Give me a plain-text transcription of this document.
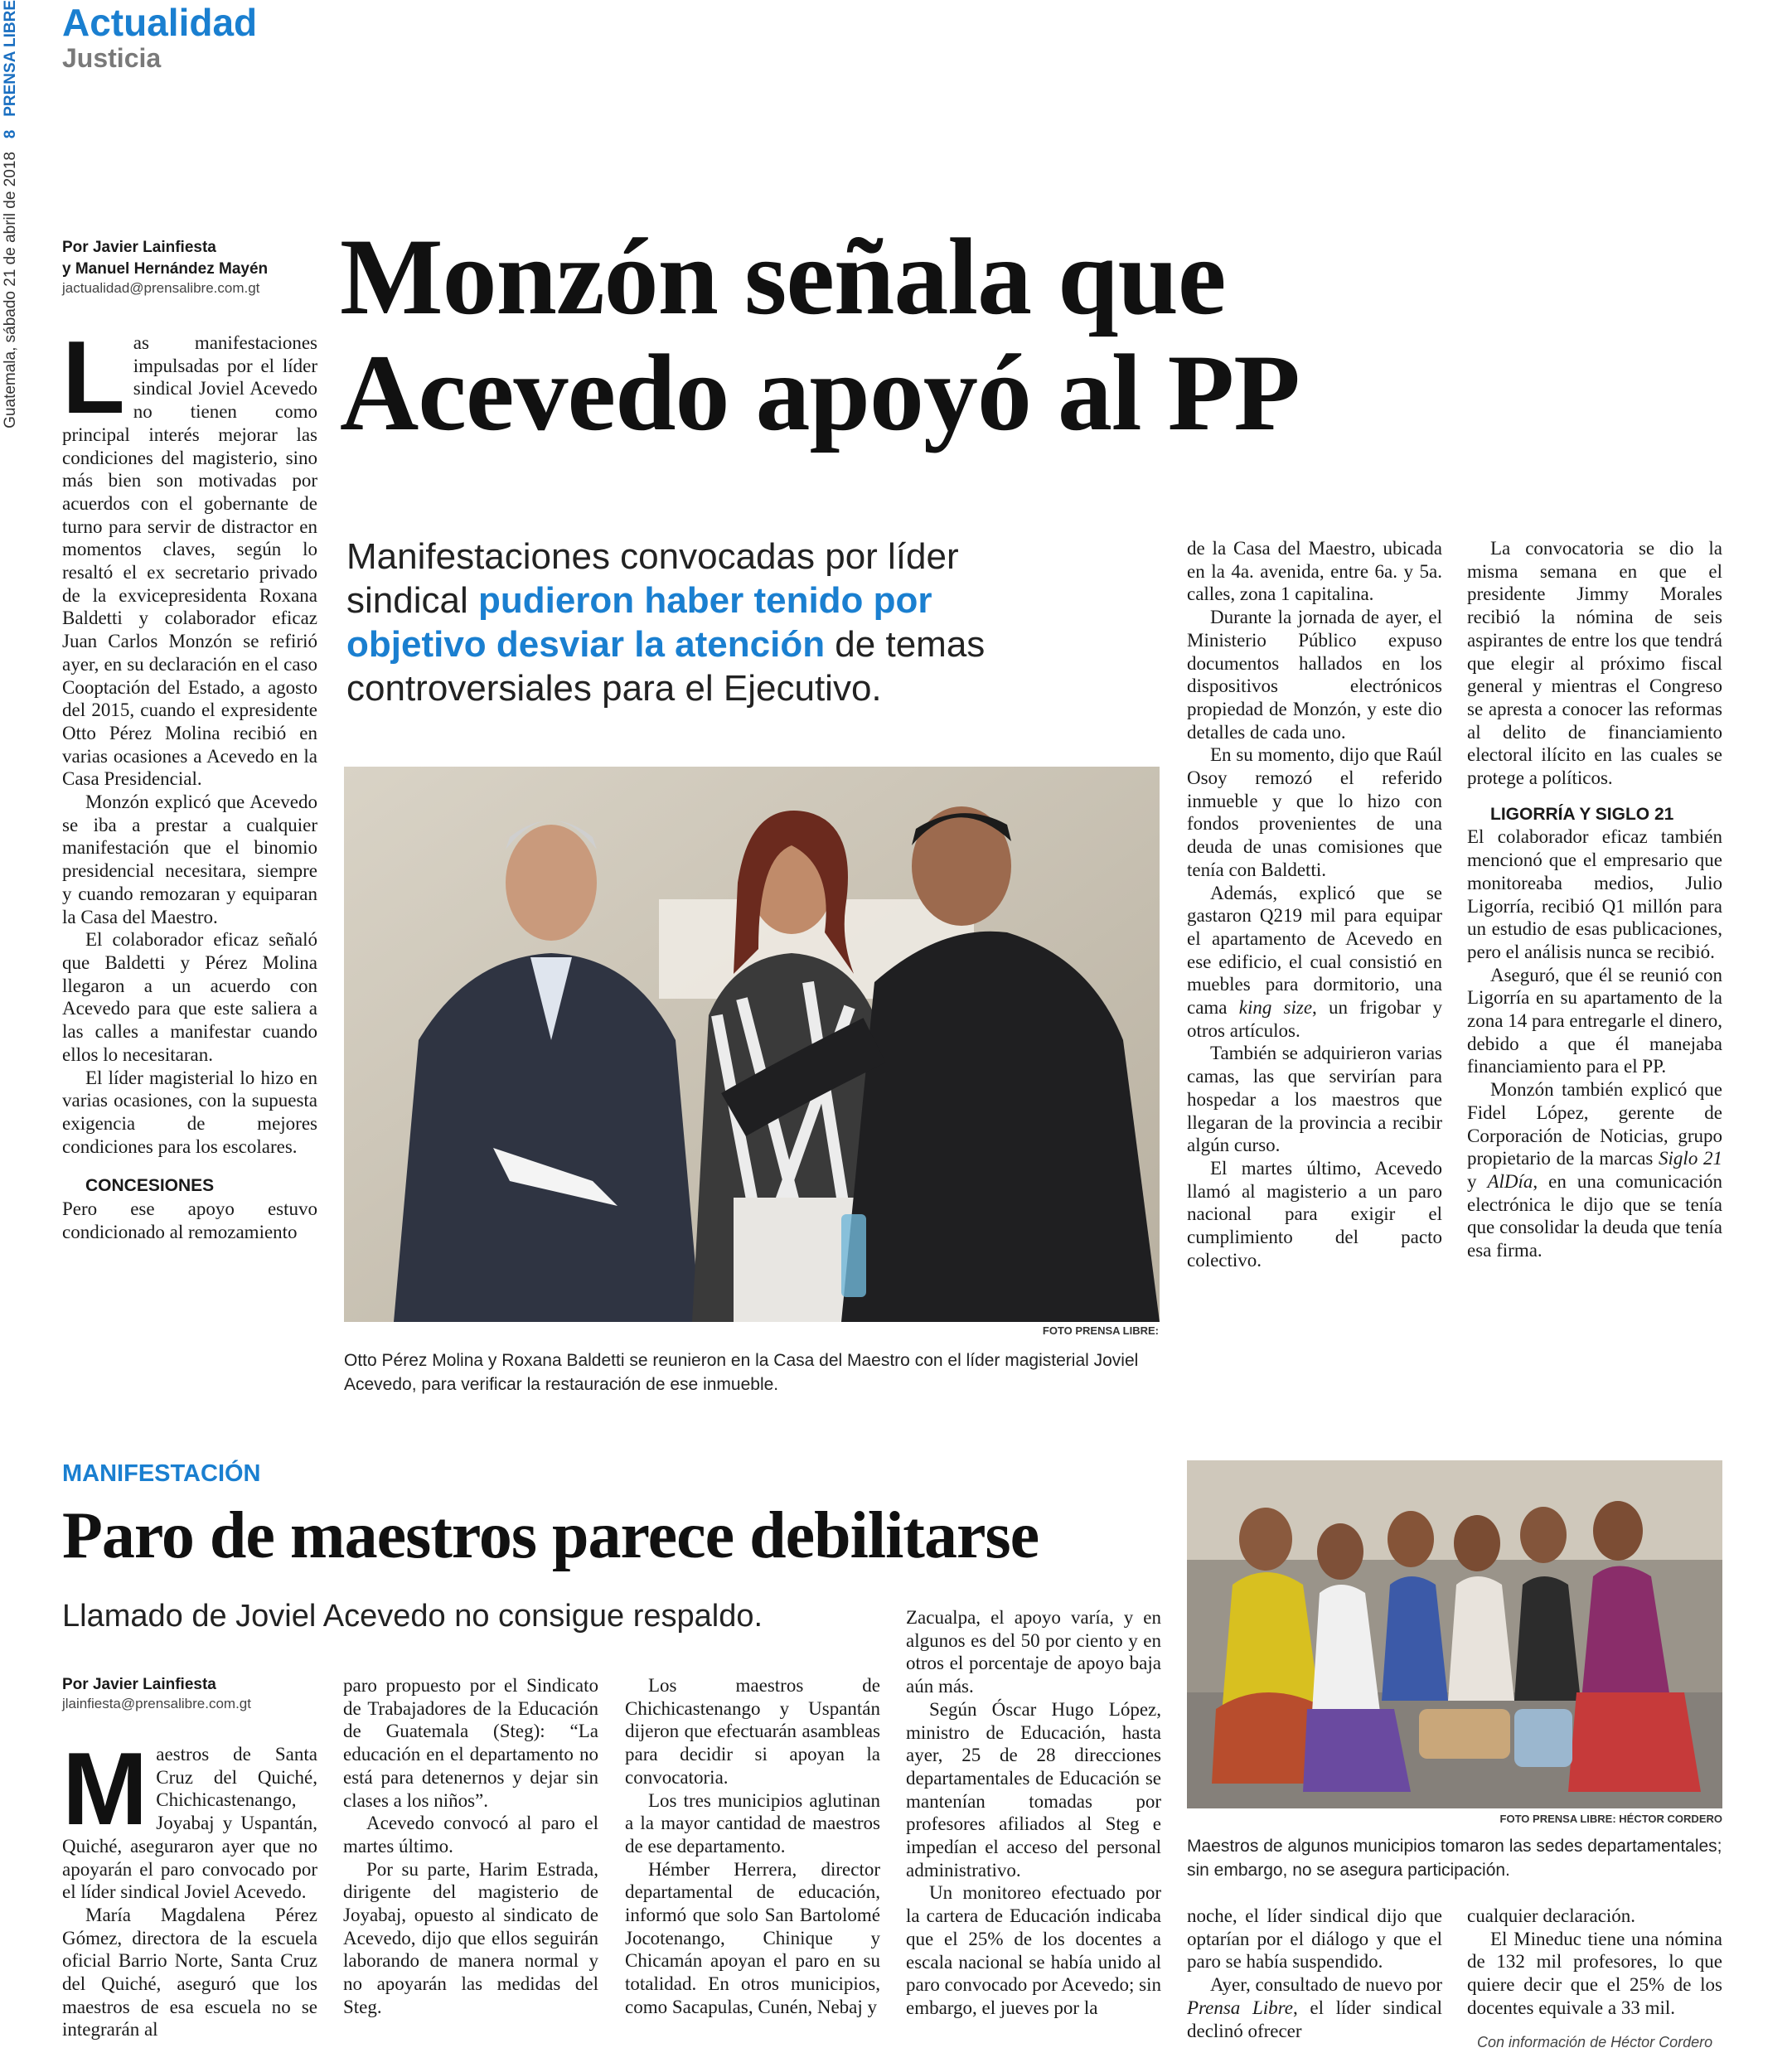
Guatemala, sábado 21 de abril de 2018   8   PRENSA LIBRE Actualidad
Justicia
Por Javier Lainfiesta
y Manuel Hernández Mayén
jactualidad@prensalibre.com.gt Monzón señala que
Acevedo apoyó al PP
Manifestaciones convocadas por líder
sindical pudieron haber tenido por
objetivo desviar la atención de temas
controversiales para el Ejecutivo.

Las manifestaciones impulsadas por el líder sindical Joviel Acevedo no tienen como principal interés mejorar las condiciones del magisterio, sino más bien son motivadas por acuerdos con el gobernante de turno para servir de distractor en momentos claves, según lo resaltó el ex secretario privado de la exvicepresidenta Roxana Baldetti y colaborador eficaz Juan Carlos Monzón se refirió ayer, en su declaración en el caso Cooptación del Estado, a agosto del 2015, cuando el expresidente Otto Pérez Molina recibió en varias ocasiones a Acevedo en la Casa Presidencial.

Monzón explicó que Acevedo se iba a prestar a cualquier manifestación que el binomio presidencial necesitara, siempre y cuando remozaran y equiparan la Casa del Maestro.

El colaborador eficaz señaló que Baldetti y Pérez Molina llegaron a un acuerdo con Acevedo para que este saliera a las calles a manifestar cuando ellos lo necesitaran.

El líder magisterial lo hizo en varias ocasiones, con la supuesta exigencia de mejores condiciones para los escolares.

CONCESIONES

Pero ese apoyo estuvo condicionado al remozamiento

FOTO PRENSA LIBRE:
Otto Pérez Molina y Roxana Baldetti se reunieron en la Casa del Maestro con el líder magisterial Joviel Acevedo, para verificar la restauración de ese inmueble.

de la Casa del Maestro, ubicada en la 4a. avenida, entre 6a. y 5a. calles, zona 1 capitalina.

Durante la jornada de ayer, el Ministerio Público expuso documentos hallados en los dispositivos electrónicos propiedad de Monzón, y este dio detalles de cada uno.

En su momento, dijo que Raúl Osoy remozó el referido inmueble y que lo hizo con fondos provenientes de una deuda de unas comisiones que tenía con Baldetti.

Además, explicó que se gastaron Q219 mil para equipar el apartamento de Acevedo en ese edificio, el cual consistió en muebles para dormitorio, una cama king size, un frigobar y otros artículos.

También se adquirieron varias camas, las que servirían para hospedar a los maestros que llegaran de la provincia a recibir algún curso.

El martes último, Acevedo llamó al magisterio a un paro nacional para exigir el cumplimiento del pacto colectivo.

La convocatoria se dio la misma semana en que el presidente Jimmy Morales recibió la nómina de seis aspirantes de entre los que tendrá que elegir al próximo fiscal general y mientras el Congreso se apresta a conocer las reformas al delito de financiamiento electoral ilícito en las cuales se protege a políticos.

LIGORRÍA Y SIGLO 21

El colaborador eficaz también mencionó que el empresario que monitoreaba medios, Julio Ligorría, recibió Q1 millón para un estudio de esas publicaciones, pero el análisis nunca se recibió.

Aseguró, que él se reunió con Ligorría en su apartamento de la zona 14 para entregarle el dinero, debido a que él manejaba financiamiento para el PP.

Monzón también explicó que Fidel López, gerente de Corporación de Noticias, grupo propietario de la marcas Siglo 21 y AlDía, en una comunicación electrónica le dijo que se tenía que consolidar la deuda que tenía esa firma.

MANIFESTACIÓN
Paro de maestros parece debilitarse
Llamado de Joviel Acevedo no consigue respaldo.
Por Javier Lainfiesta
jlainfiesta@prensalibre.com.gt

Maestros de Santa Cruz del Quiché, Chichicastenango, Joyabaj y Uspantán, Quiché, aseguraron ayer que no apoyarán el paro convocado por el líder sindical Joviel Acevedo.

María Magdalena Pérez Gómez, directora de la escuela oficial Barrio Norte, Santa Cruz del Quiché, aseguró que los maestros de esa escuela no se integrarán al

paro propuesto por el Sindicato de Trabajadores de la Educación de Guatemala (Steg): “La educación en el departamento no está para detenernos y dejar sin clases a los niños”.

Acevedo convocó al paro el martes último.

Por su parte, Harim Estrada, dirigente del magisterio de Joyabaj, opuesto al sindicato de Acevedo, dijo que ellos seguirán laborando de manera normal y no apoyarán las medidas del Steg.

Los maestros de Chichicastenango y Uspantán dijeron que efectuarán asambleas para decidir si apoyan la convocatoria.

Los tres municipios aglutinan a la mayor cantidad de maestros de ese departamento.

Hémber Herrera, director departamental de educación, informó que solo San Bartolomé Jocotenango, Chinique y Chicamán apoyan el paro en su totalidad. En otros municipios, como Sacapulas, Cunén, Nebaj y

Zacualpa, el apoyo varía, y en algunos es del 50 por ciento y en otros el porcentaje de apoyo baja aún más.

Según Óscar Hugo López, ministro de Educación, hasta ayer, 25 de 28 direcciones departamentales de Educación se mantenían tomadas por profesores afiliados al Steg e impedían el acceso del personal administrativo.

Un monitoreo efectuado por la cartera de Educación indicaba que el 25% de los docentes a escala nacional se había unido al paro convocado por Acevedo; sin embargo, el jueves por la

FOTO PRENSA LIBRE: HÉCTOR CORDERO
Maestros de algunos municipios tomaron las sedes departamentales; sin embargo, no se asegura participación.

noche, el líder sindical dijo que optarían por el diálogo y que el paro se había suspendido.

Ayer, consultado de nuevo por Prensa Libre, el líder sindical declinó ofrecer

cualquier declaración.

El Mineduc tiene una nómina de 132 mil profesores, lo que quiere decir que el 25% de los docentes equivale a 33 mil.

Con información de Héctor Cordero
